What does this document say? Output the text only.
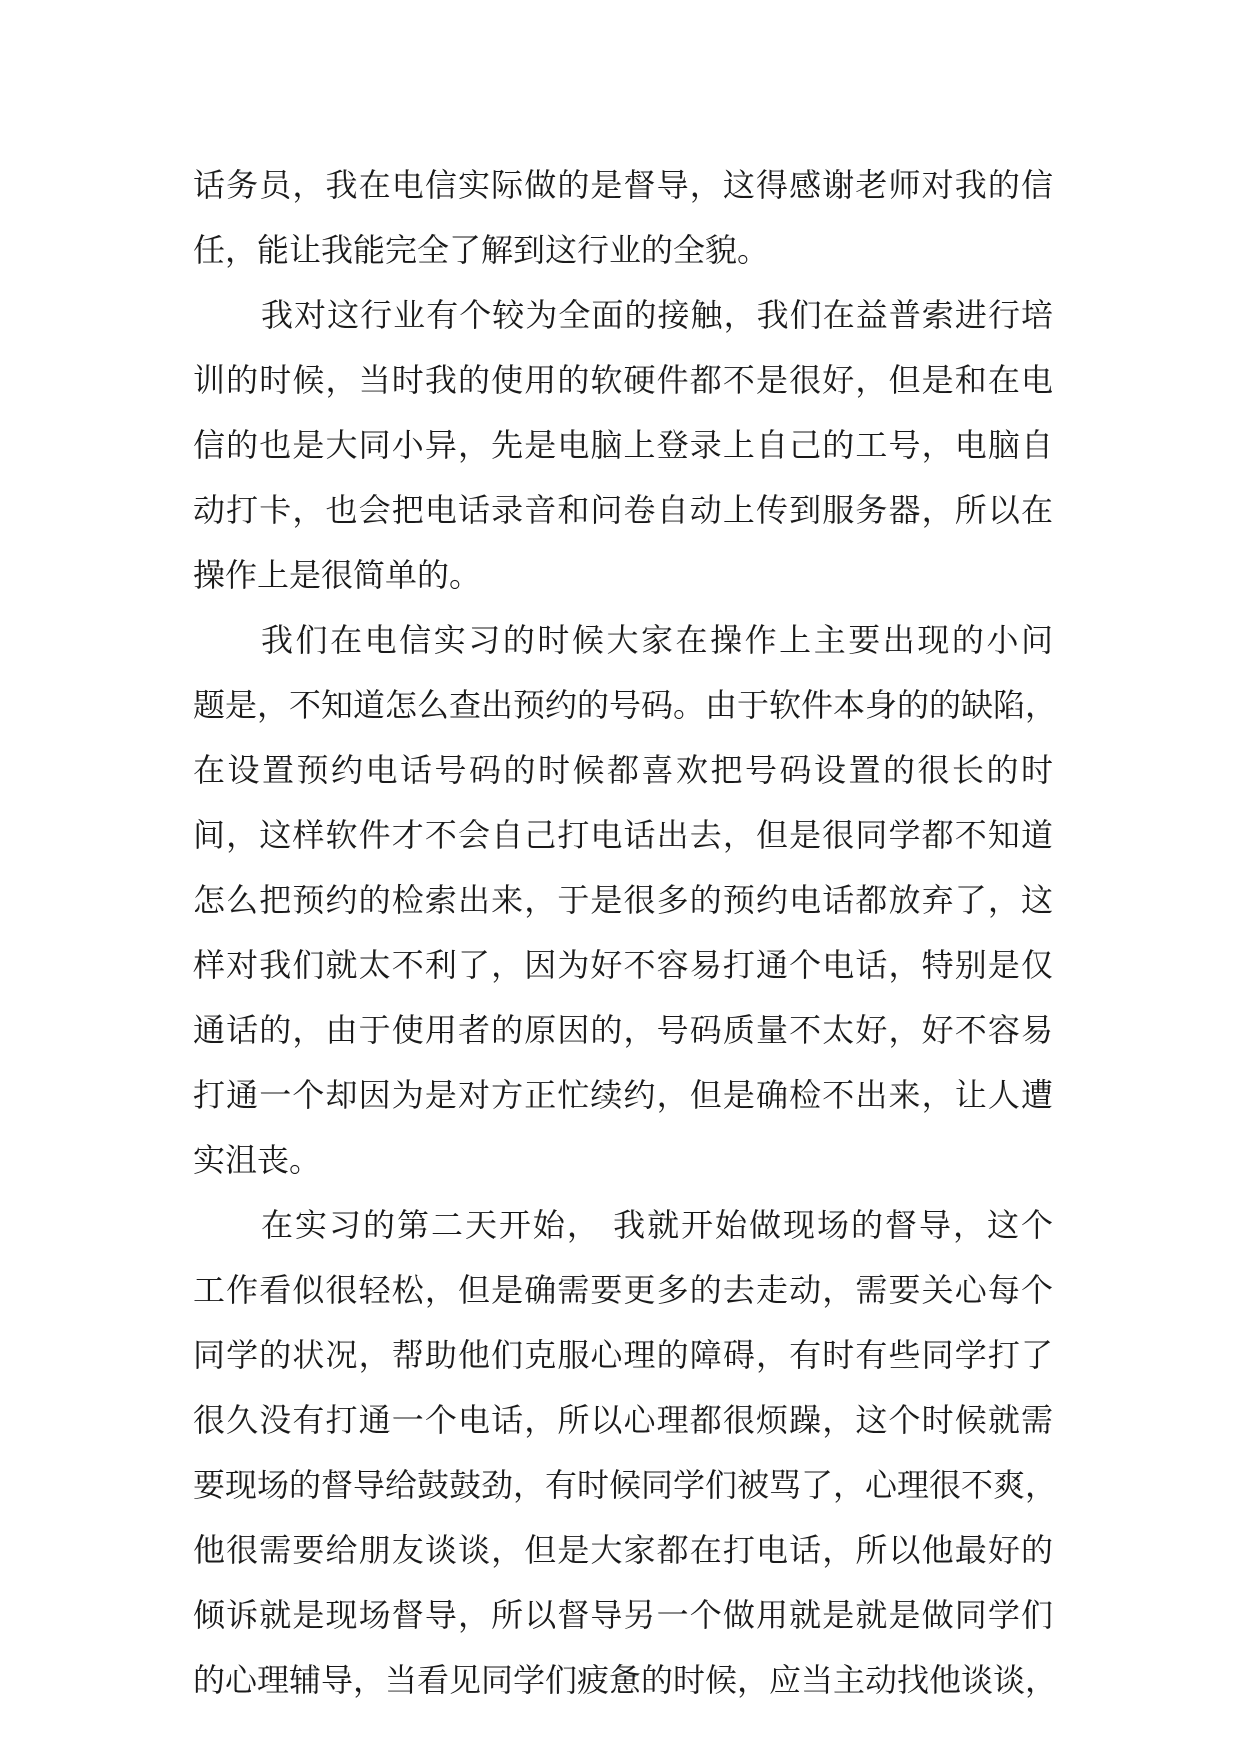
话务员，我在电信实际做的是督导，这得感谢老师对我的信
任，能让我能完全了解到这行业的全貌。
我对这行业有个较为全面的接触，我们在益普索进行培
训的时候，当时我的使用的软硬件都不是很好，但是和在电
信的也是大同小异，先是电脑上登录上自己的工号，电脑自
动打卡，也会把电话录音和问卷自动上传到服务器，所以在
操作上是很简单的。
我们在电信实习的时候大家在操作上主要出现的小问
题是，不知道怎么查出预约的号码。由于软件本身的的缺陷，
在设置预约电话号码的时候都喜欢把号码设置的很长的时
间，这样软件才不会自己打电话出去，但是很同学都不知道
怎么把预约的检索出来，于是很多的预约电话都放弃了，这
样对我们就太不利了，因为好不容易打通个电话，特别是仅
通话的，由于使用者的原因的，号码质量不太好，好不容易
打通一个却因为是对方正忙续约，但是确检不出来，让人遭
实沮丧。
在实习的第二天开始， 我就开始做现场的督导，这个
工作看似很轻松，但是确需要更多的去走动，需要关心每个
同学的状况，帮助他们克服心理的障碍，有时有些同学打了
很久没有打通一个电话，所以心理都很烦躁，这个时候就需
要现场的督导给鼓鼓劲，有时候同学们被骂了，心理很不爽，
他很需要给朋友谈谈，但是大家都在打电话，所以他最好的
倾诉就是现场督导，所以督导另一个做用就是就是做同学们
的心理辅导，当看见同学们疲惫的时候，应当主动找他谈谈，
